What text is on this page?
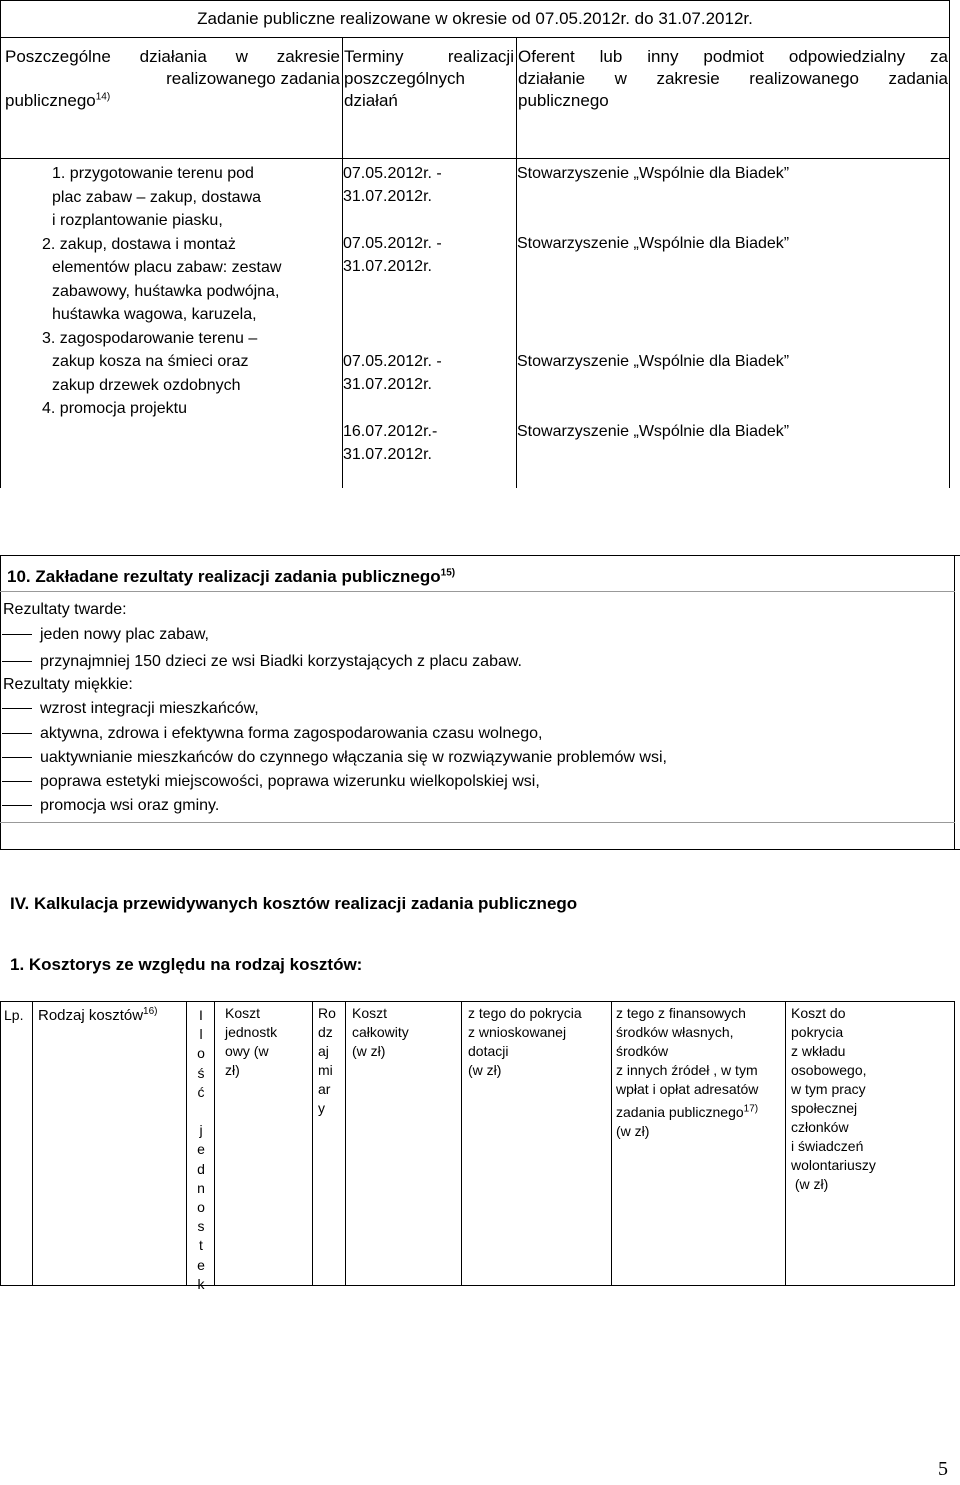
Zadanie publiczne realizowane w okresie od 07.05.2012r. do 31.07.2012r.
Poszczególne działania w zakresie
realizowanego zadania
publicznego$^{14)}$
Terminy realizacji
poszczególnych
działań
Oferent lub inny podmiot odpowiedzialny za
działanie w zakresie realizowanego zadania
publicznego
1. przygotowanie terenu pod
plac zabaw – zakup, dostawa
i rozplantowanie piasku,
2. zakup, dostawa i montaż
elementów placu zabaw: zestaw
zabawowy, huśtawka podwójna,
huśtawka wagowa, karuzela,
3. zagospodarowanie terenu –
zakup kosza na śmieci oraz
zakup drzewek ozdobnych
4. promocja projektu
07.05.2012r. -
31.07.2012r.
07.05.2012r. -
31.07.2012r.
07.05.2012r. -
31.07.2012r.
16.07.2012r.-
31.07.2012r.
Stowarzyszenie „Wspólnie dla Biadek”
Stowarzyszenie „Wspólnie dla Biadek”
Stowarzyszenie „Wspólnie dla Biadek”
Stowarzyszenie „Wspólnie dla Biadek”
10. Zakładane rezultaty realizacji zadania publicznego$^{15)}$
Rezultaty twarde:
jeden nowy plac zabaw,
przynajmniej 150 dzieci ze wsi Biadki korzystających z placu zabaw.
Rezultaty miękkie:
wzrost integracji mieszkańców,
aktywna, zdrowa i efektywna forma zagospodarowania czasu wolnego,
uaktywnianie mieszkańców do czynnego włączania się w rozwiązywanie problemów wsi,
poprawa estetyki miejscowości, poprawa wizerunku wielkopolskiej wsi,
promocja wsi oraz gminy.
IV. Kalkulacja przewidywanych kosztów realizacji zadania publicznego
1. Kosztorys ze względu na rodzaj kosztów:
Lp. Rodzaj kosztów$^{16)}$	I
l
o
ś
ć
j
e
d
n
o
s
t
e
k
Koszt
jednostk
owy (w
zł)
Ro
dz
aj
mi
ar
y
Koszt
całkowity
(w zł)
z tego do pokrycia
z wnioskowanej
dotacji
(w zł)
z tego z finansowych
środków własnych,
środków
z innych źródeł , w tym
wpłat i opłat adresatów
zadania publicznego$^{17)}$
(w zł)
Koszt do
pokrycia
z wkładu
osobowego,
w tym pracy
społecznej
członków
i świadczeń
wolontariuszy
(w zł)
5
